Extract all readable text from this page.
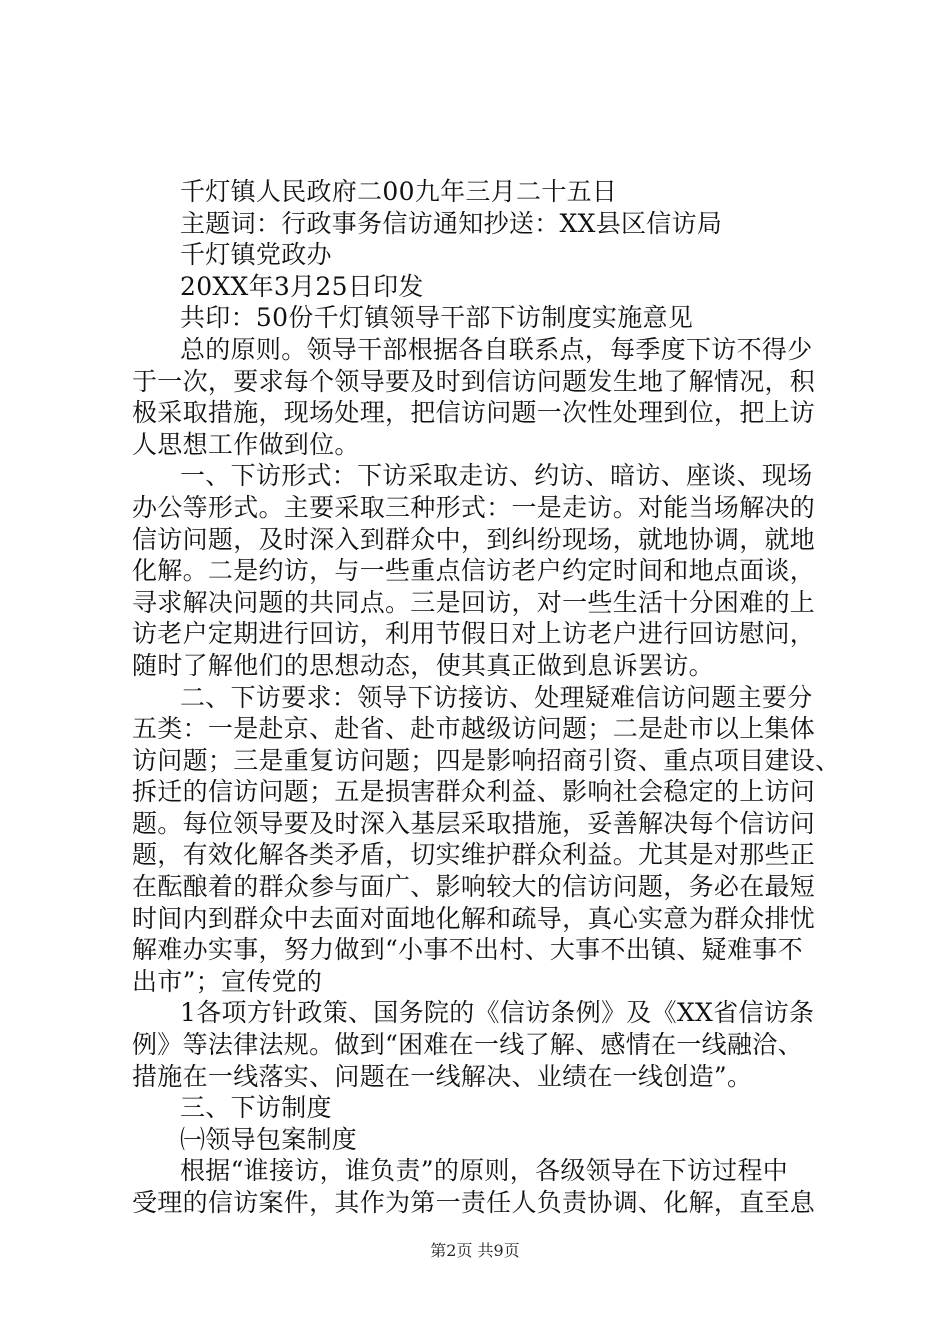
千灯镇人民政府二00九年三月二十五日
主题词：行政事务信访通知抄送：XX县区信访局
千灯镇党政办
20XX年3月25日印发
共印：50份千灯镇领导干部下访制度实施意见
总的原则。领导干部根据各自联系点，每季度下访不得少
于一次，要求每个领导要及时到信访问题发生地了解情况，积
极采取措施，现场处理，把信访问题一次性处理到位，把上访
人思想工作做到位。
一、下访形式：下访采取走访、约访、暗访、座谈、现场
办公等形式。主要采取三种形式：一是走访。对能当场解决的
信访问题，及时深入到群众中，到纠纷现场，就地协调，就地
化解。二是约访，与一些重点信访老户约定时间和地点面谈，
寻求解决问题的共同点。三是回访，对一些生活十分困难的上
访老户定期进行回访，利用节假日对上访老户进行回访慰问，
随时了解他们的思想动态，使其真正做到息诉罢访。
二、下访要求：领导下访接访、处理疑难信访问题主要分
五类：一是赴京、赴省、赴市越级访问题；二是赴市以上集体
访问题；三是重复访问题；四是影响招商引资、重点项目建设、
拆迁的信访问题；五是损害群众利益、影响社会稳定的上访问
题。每位领导要及时深入基层采取措施，妥善解决每个信访问
题，有效化解各类矛盾，切实维护群众利益。尤其是对那些正
在酝酿着的群众参与面广、影响较大的信访问题，务必在最短
时间内到群众中去面对面地化解和疏导，真心实意为群众排忧
解难办实事，努力做到“小事不出村、大事不出镇、疑难事不
出市”；宣传党的
1各项方针政策、国务院的《信访条例》及《XX省信访条
例》等法律法规。做到“困难在一线了解、感情在一线融洽、
措施在一线落实、问题在一线解决、业绩在一线创造”。
三、下访制度
㈠领导包案制度
根据“谁接访，谁负责”的原则，各级领导在下访过程中
受理的信访案件，其作为第一责任人负责协调、化解，直至息
第2页 共9页
